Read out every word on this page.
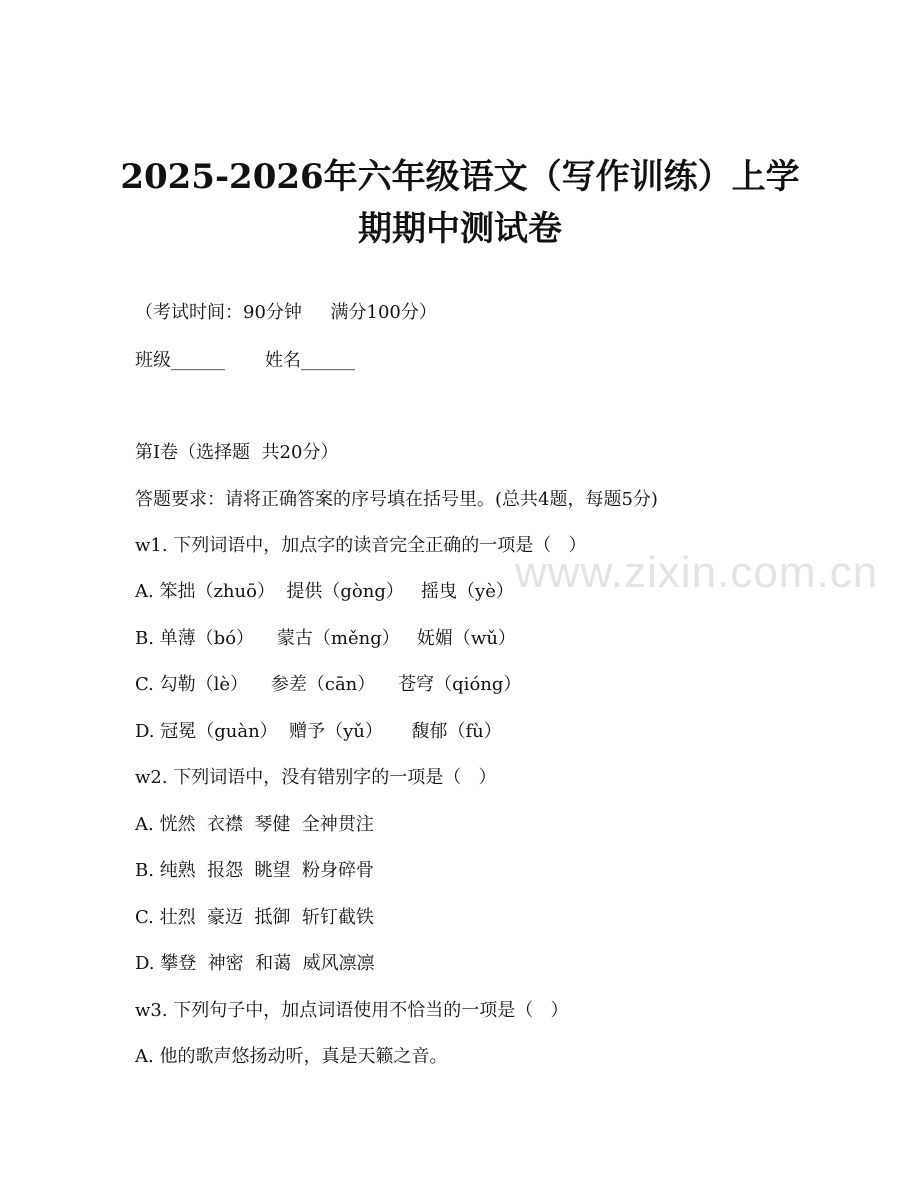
2025-2026年六年级语文（写作训练）上学
期期中测试卷
（考试时间：90分钟     满分100分）
班级______       姓名______
第Ⅰ卷（选择题  共20分）
答题要求：请将正确答案的序号填在括号里。(总共4题，每题5分)
w1. 下列词语中，加点字的读音完全正确的一项是（   ）
A. 笨拙（zhuō）  提供（gòng）   摇曳（yè）
B. 单薄（bó）    蒙古（měng）   妩媚（wǔ）
C. 勾勒（lè）    参差（cān）    苍穹（qióng）
D. 冠冕（guàn）  赠予（yǔ）     馥郁（fù）
w2. 下列词语中，没有错别字的一项是（   ）
A. 恍然  衣襟  琴健  全神贯注
B. 纯熟  报怨  眺望  粉身碎骨
C. 壮烈  豪迈  抵御  斩钉截铁
D. 攀登  神密  和蔼  威风凛凛
w3. 下列句子中，加点词语使用不恰当的一项是（   ）
A. 他的歌声悠扬动听，真是天籁之音。
www.zixin.com.cn
